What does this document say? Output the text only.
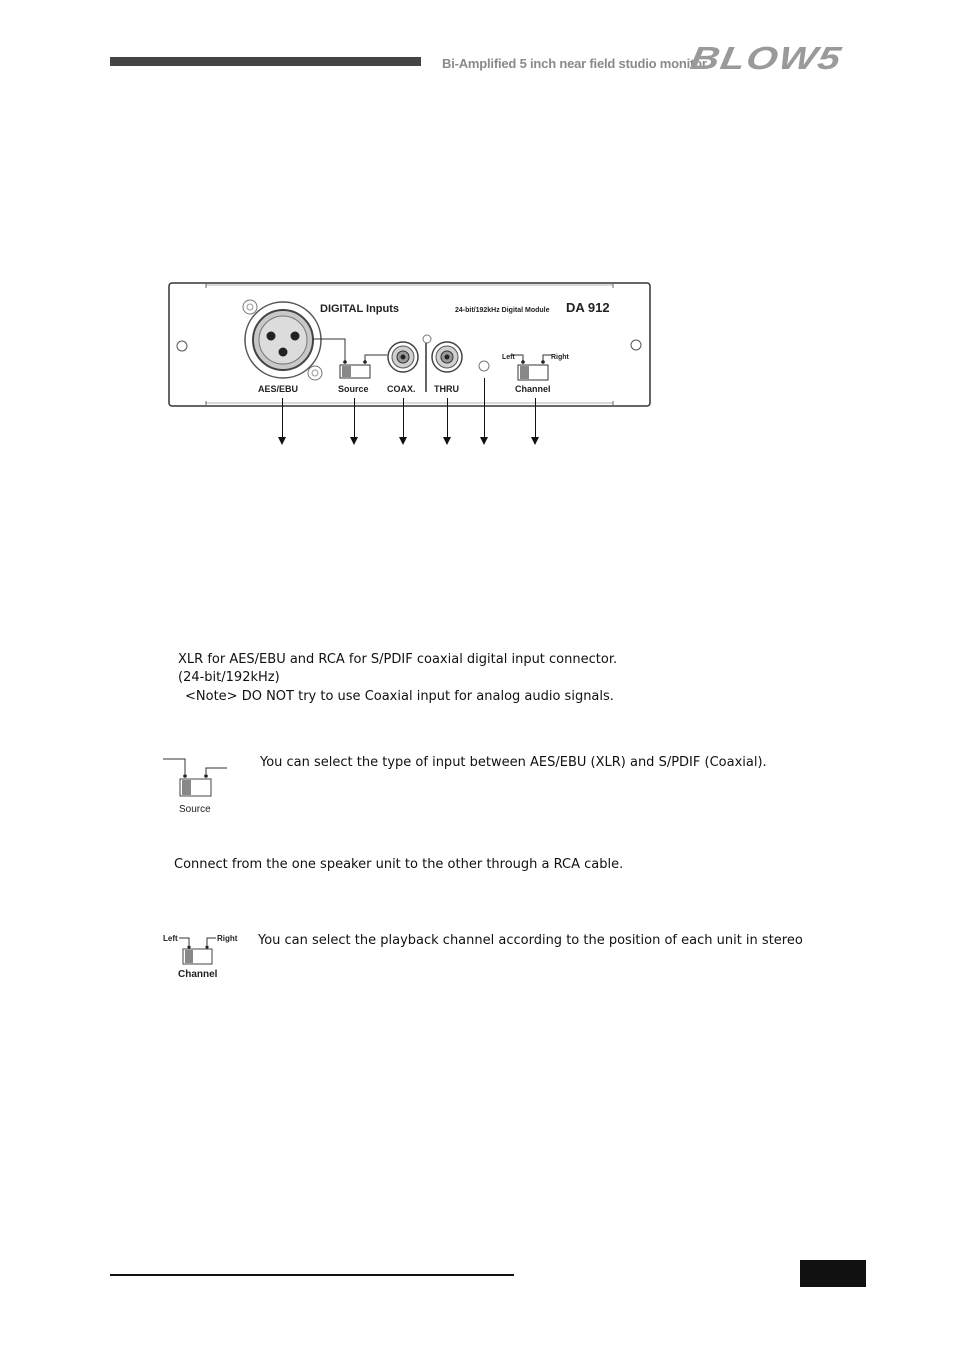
Bi-Amplified 5 inch near field studio monitor
BLOW5
DIGITAL Inputs	24-bit/192kHz Digital Module DA 912
AES/EBU	Source COAX. THRU	Channel
Left	Right
XLR for AES/EBU and RCA for S/PDIF coaxial digital input connector.
(24-bit/192kHz)
<Note> DO NOT try to use Coaxial input for analog audio signals.
Source
You can select the type of input between AES/EBU (XLR) and S/PDIF (Coaxial).
Connect from the one speaker unit to the other through a RCA cable.
Left	Right
Channel
You can select the playback channel according to the position of each unit in stereo
